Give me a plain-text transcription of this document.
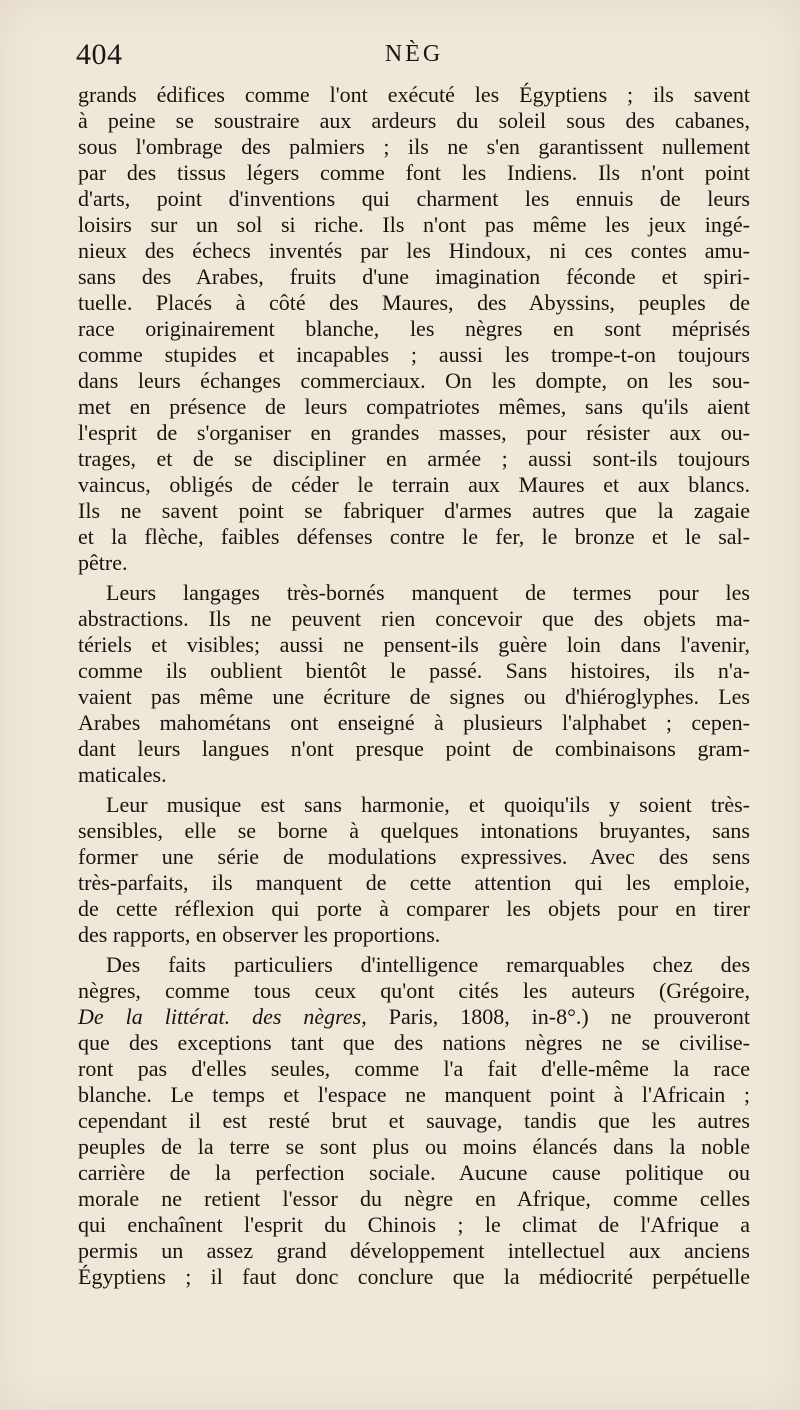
404	NÈG
grands édifices comme l'ont exécuté les Égyptiens ; ils savent
à peine se soustraire aux ardeurs du soleil sous des cabanes,
sous l'ombrage des palmiers ; ils ne s'en garantissent nullement
par des tissus légers comme font les Indiens. Ils n'ont point
d'arts, point d'inventions qui charment les ennuis de leurs
loisirs sur un sol si riche. Ils n'ont pas même les jeux ingé-
nieux des échecs inventés par les Hindoux, ni ces contes amu-
sans des Arabes, fruits d'une imagination féconde et spiri-
tuelle. Placés à côté des Maures, des Abyssins, peuples de
race originairement blanche, les nègres en sont méprisés
comme stupides et incapables ; aussi les trompe-t-on toujours
dans leurs échanges commerciaux. On les dompte, on les sou-
met en présence de leurs compatriotes mêmes, sans qu'ils aient
l'esprit de s'organiser en grandes masses, pour résister aux ou-
trages, et de se discipliner en armée ; aussi sont-ils toujours
vaincus, obligés de céder le terrain aux Maures et aux blancs.
Ils ne savent point se fabriquer d'armes autres que la zagaie
et la flèche, faibles défenses contre le fer, le bronze et le sal-
pêtre.
Leurs langages très-bornés manquent de termes pour les
abstractions. Ils ne peuvent rien concevoir que des objets ma-
tériels et visibles; aussi ne pensent-ils guère loin dans l'avenir,
comme ils oublient bientôt le passé. Sans histoires, ils n'a-
vaient pas même une écriture de signes ou d'hiéroglyphes. Les
Arabes mahométans ont enseigné à plusieurs l'alphabet ; cepen-
dant leurs langues n'ont presque point de combinaisons gram-
maticales.
Leur musique est sans harmonie, et quoiqu'ils y soient très-
sensibles, elle se borne à quelques intonations bruyantes, sans
former une série de modulations expressives. Avec des sens
très-parfaits, ils manquent de cette attention qui les emploie,
de cette réflexion qui porte à comparer les objets pour en tirer
des rapports, en observer les proportions.
Des faits particuliers d'intelligence remarquables chez des
nègres, comme tous ceux qu'ont cités les auteurs (Grégoire,
De la littérat. des nègres, Paris, 1808, in-8°.) ne prouveront
que des exceptions tant que des nations nègres ne se civilise-
ront pas d'elles seules, comme l'a fait d'elle-même la race
blanche. Le temps et l'espace ne manquent point à l'Africain ;
cependant il est resté brut et sauvage, tandis que les autres
peuples de la terre se sont plus ou moins élancés dans la noble
carrière de la perfection sociale. Aucune cause politique ou
morale ne retient l'essor du nègre en Afrique, comme celles
qui enchaînent l'esprit du Chinois ; le climat de l'Afrique a
permis un assez grand développement intellectuel aux anciens
Égyptiens ; il faut donc conclure que la médiocrité perpétuelle
